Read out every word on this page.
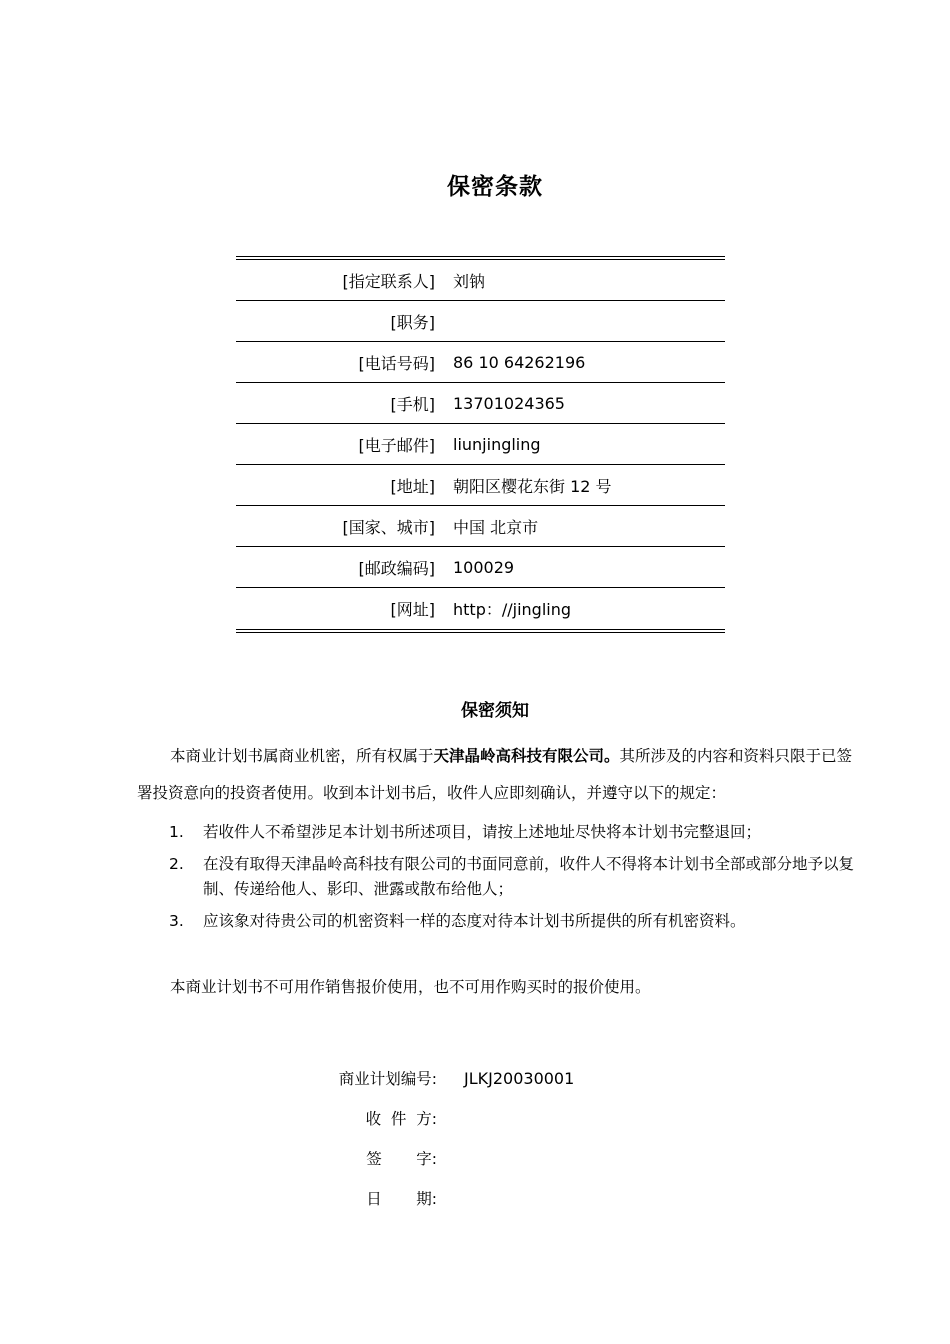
保密条款
[指定联系人]	刘钠
[职务]
[电话号码]	86 10 64262196
[手机]	13701024365
[电子邮件]	liunjingling
[地址]	朝阳区樱花东街 12 号
[国家、城市]	中国 北京市
[邮政编码]	100029
[网址]	http：//jingling
保密须知
本商业计划书属商业机密，所有权属于天津晶岭高科技有限公司。其所涉及的内容和资料只限于已签署投资意向的投资者使用。收到本计划书后，收件人应即刻确认，并遵守以下的规定：
1. 若收件人不希望涉足本计划书所述项目，请按上述地址尽快将本计划书完整退回；
2. 在没有取得天津晶岭高科技有限公司的书面同意前，收件人不得将本计划书全部或部分地予以复制、传递给他人、影印、泄露或散布给他人；
3. 应该象对待贵公司的机密资料一样的态度对待本计划书所提供的所有机密资料。
本商业计划书不可用作销售报价使用，也不可用作购买时的报价使用。
商业计划编号:	JLKJ20030001
收  件  方:
签       字:
日       期:
